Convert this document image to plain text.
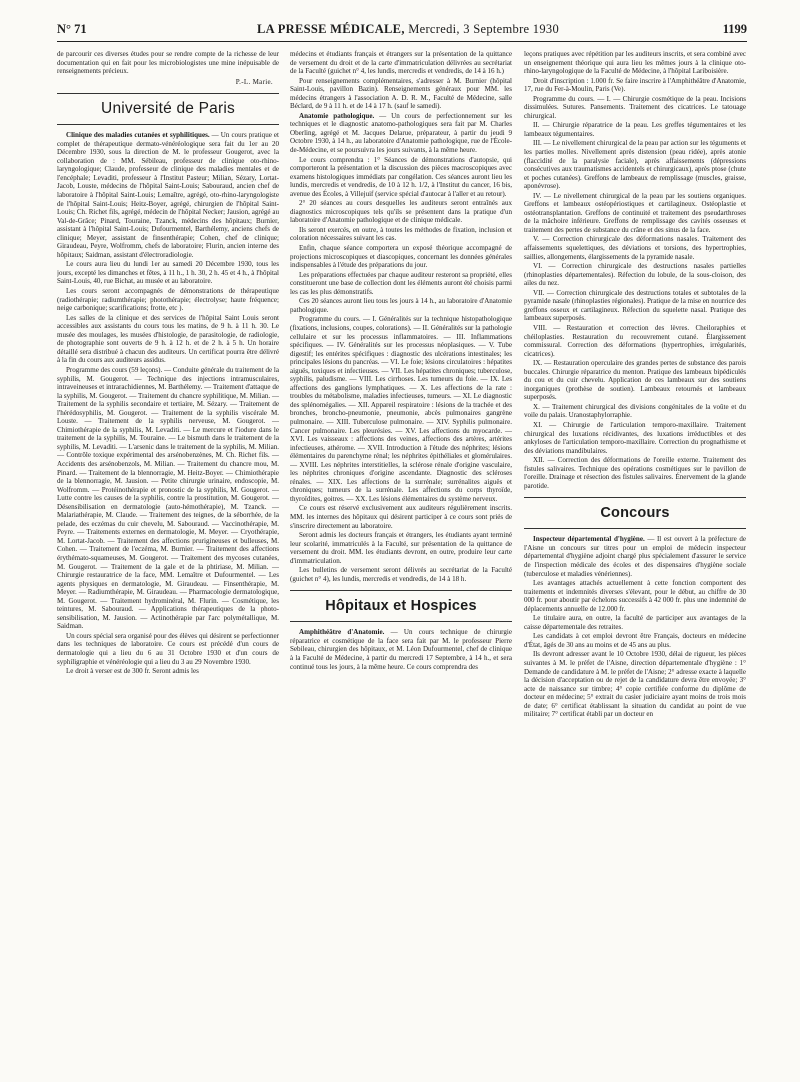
N° 71	LA PRESSE MÉDICALE, Mercredi, 3 Septembre 1930	1199

de parcourir ces diverses études pour se rendre compte de la richesse de leur documentation qui en fait pour les microbiologistes une mine inépuisable de renseignements précieux.

P.-L. Marie.

Université de Paris

Clinique des maladies cutanées et syphilitiques. — Un cours pratique et complet de thérapeutique dermato-vénéréologique sera fait du 1er au 20 Décembre 1930, sous la direction de M. le professeur Gougerot, avec la collaboration de : MM. Sébileau, professeur de clinique oto-rhino-laryngologique; Claude, professeur de clinique des maladies mentales et de l'encéphale; Levaditi, professeur à l'Institut Pasteur; Milian, Sézary, Lortat-Jacob, Louste, médecins de l'hôpital Saint-Louis; Sabouraud, ancien chef de laboratoire à l'hôpital Saint-Louis; Lemaître, agrégé, oto-rhino-laryngologiste de l'hôpital Saint-Louis; Heitz-Boyer, agrégé, chirurgien de l'hôpital Saint-Louis; Ch. Richet fils, agrégé, médecin de l'hôpital Necker; Jausion, agrégé au Val-de-Grâce; Pinard, Touraine, Tzanck, médecins des hôpitaux; Burnier, assistant à l'hôpital Saint-Louis; Dufourmentel, Barthélemy, anciens chefs de clinique; Meyer, assistant de finsenthérapie; Cohen, chef de clinique; Giraudeau, Peyre, Wolfromm, chefs de laboratoire; Flurin, ancien interne des hôpitaux; Saidman, assistant d'électroradiologie.

Le cours aura lieu du lundi 1er au samedi 20 Décembre 1930, tous les jours, excepté les dimanches et fêtes, à 11 h., 1 h. 30, 2 h. 45 et 4 h., à l'hôpital Saint-Louis, 40, rue Bichat, au musée et au laboratoire.

Les cours seront accompagnés de démonstrations de thérapeutique (radiothérapie; radiumthérapie; photothérapie; électrolyse; haute fréquence; neige carbonique; scarifications; frotte, etc ).

Les salles de la clinique et des services de l'hôpital Saint Louis seront accessibles aux assistants du cours tous les matins, de 9 h. à 11 h. 30. Le musée des moulages, les musées d'histologie, de parasitologie, de radiologie, de photographie sont ouverts de 9 h. à 12 h. et de 2 h. à 5 h. Un horaire détaillé sera distribué à chacun des auditeurs. Un certificat pourra être délivré à la fin du cours aux auditeurs assidus.

Programme des cours (59 leçons). — Conduite générale du traitement de la syphilis, M. Gougerot. — Technique des injections intramusculaires, intraveineuses et intrarachidiennes, M. Barthélemy. — Traitement d'attaque de la syphilis, M. Gougerot. — Traitement du chancre syphilitique, M. Milian. — Traitement de la syphilis secondaire et tertiaire, M. Sézary. — Traitement de l'hérédosyphilis, M. Gougerot. — Traitement de la syphilis viscérale M. Louste. — Traitement de la syphilis nerveuse, M. Gougerot. — Chimiothérapie de la syphilis, M. Levaditi. — Le mercure et l'iodure dans le traitement de la syphilis, M. Touraine. — Le bismuth dans le traitement de la syphilis, M. Levaditi. — L'arsenic dans le traitement de la syphilis, M. Milian. — Contrôle toxique expérimental des arsénobenzènes, M. Ch. Richet fils. — Accidents des arsénobenzols, M. Milian. — Traitement du chancre mou, M. Pinard. — Traitement de la blennorragie, M. Heitz-Boyer. — Chimiothérapie de la blennorragie, M. Jausion. — Petite chirurgie urinaire, endoscopie, M. Wolfromm. — Protéinothérapie et pronostic de la syphilis, M. Gougerot. — Lutte contre les causes de la syphilis, contre la prostitution, M. Gougerot. — Désensibilisation en dermatologie (auto-hémothérapie), M. Tzanck. — Malariathérapie, M. Claude. — Traitement des teignes, de la séborrhée, de la pelade, des eczémas du cuir chevelu, M. Sabouraud. — Vaccinothérapie, M. Peyre. — Traitements externes en dermatologie, M. Meyer. — Cryothérapie, M. Lortat-Jacob. — Traitement des affections prurigineuses et bulleuses, M. Cohen. — Traitement de l'eczéma, M. Burnier. — Traitement des affections érythémato-squameuses, M. Gougerot. — Traitement des mycoses cutanées, M. Gougerot. — Traitement de la gale et de la phtiriase, M. Milian. — Chirurgie restauratrice de la face, MM. Lemaître et Dufourmentel. — Les agents physiques en dermatologie, M. Giraudeau. — Finsenthérapie, M. Meyer. — Radiumthérapie, M. Giraudeau. — Pharmacologie dermatologique, M. Gougerot. — Traitement hydrominéral, M. Flurin. — Cosmétique, les teintures, M. Sabouraud. — Applications thérapeutiques de la photo-sensibilisation, M. Jausion. — Actinothérapie par l'arc polymétallique, M. Saidman.

Un cours spécial sera organisé pour des élèves qui désirent se perfectionner dans les techniques de laboratoire. Ce cours est précédé d'un cours de dermatologie qui a lieu du 6 au 31 Octobre 1930 et d'un cours de syphiligraphie et vénéréologie qui a lieu du 3 au 29 Novembre 1930.

Le droit à verser est de 300 fr. Seront admis les

médecins et étudiants français et étrangers sur la présentation de la quittance de versement du droit et de la carte d'immatriculation délivrées au secrétariat de la Faculté (guichet n° 4, les lundis, mercredis et vendredis, de 14 à 16 h.)

Pour renseignements complémentaires, s'adresser à M. Burnier (hôpital Saint-Louis, pavillon Bazin). Renseignements généraux pour MM. les médecins étrangers à l'association A. D. R. M., Faculté de Médecine, salle Béclard, de 9 à 11 h. et de 14 à 17 h. (sauf le samedi).

Anatomie pathologique. — Un cours de perfectionnement sur les techniques et le diagnostic anatomo-pathologiques sera fait par M. Charles Oberling, agrégé et M. Jacques Delarue, préparateur, à partir du jeudi 9 Octobre 1930, à 14 h., au laboratoire d'Anatomie pathologique, rue de l'École-de-Médecine, et se poursuivra les jours suivants, à la même heure.

Le cours comprendra : 1° Séances de démonstrations d'autopsie, qui comporteront la présentation et la discussion des pièces macroscopiques avec examens histologiques immédiats par congélation. Ces séances auront lieu les lundis, mercredis et vendredis, de 10 à 12 h. 1/2, à l'Institut du cancer, 16 bis, avenue des Écoles, à Villejuif (service spécial d'autocar à l'aller et au retour).

2° 20 séances au cours desquelles les auditeurs seront entraînés aux diagnostics microscopiques tels qu'ils se présentent dans la pratique d'un laboratoire d'Anatomie pathologique et de clinique médicale.

Ils seront exercés, en outre, à toutes les méthodes de fixation, inclusion et coloration nécessaires suivant les cas.

Enfin, chaque séance comportera un exposé théorique accompagné de projections microscopiques et diascopiques, concernant les données générales indispensables à l'étude des préparations du jour.

Les préparations effectuées par chaque auditeur resteront sa propriété, elles constitueront une base de collection dont les éléments auront été choisis parmi les cas les plus démonstratifs.

Ces 20 séances auront lieu tous les jours à 14 h., au laboratoire d'Anatomie pathologique.

Programme du cours. — I. Généralités sur la technique histopathologique (fixations, inclusions, coupes, colorations). — II. Généralités sur la pathologie cellulaire et sur les processus inflammatoires. — III. Inflammations spécifiques. — IV. Généralités sur les processus néoplasiques. — V. Tube digestif; les entérites spécifiques : diagnostic des ulcérations intestinales; les principales lésions du pancréas. — VI. Le foie; lésions circulatoires : hépatites aiguës, toxiques et infectieuses. — VII. Les hépatites chroniques; tuberculose, syphilis, paludisme. — VIII. Les cirrhoses. Les tumeurs du foie. — IX. Les affections des ganglions lymphatiques. — X. Les affections de la rate : troubles du métabolisme, maladies infectieuses, tumeurs. — XI. Le diagnostic des splénomégalies. — XII. Appareil respiratoire : lésions de la trachée et des bronches, broncho-pneumonie, pneumonie, abcès pulmonaires gangrène pulmonaire. — XIII. Tuberculose pulmonaire. — XIV. Syphilis pulmonaire. Cancer pulmonaire. Les pleurésies. — XV. Les affections du myocarde. — XVI. Les vaisseaux : affections des veines, affections des artères, artérites infectieuses, athérome. — XVII. Introduction à l'étude des néphrites; lésions élémentaires du parenchyme rénal; les néphrites épithéliales et glomérulaires. — XVIII. Les néphrites interstitielles, la sclérose rénale d'origine vasculaire, les néphrites chroniques d'origine ascendante. Diagnostic des scléroses rénales. — XIX. Les affections de la surrénale; surrénalites aiguës et chroniques; tumeurs de la surrénale. Les affections du corps thyroïde, thyroïdites, goitres. — XX. Les lésions élémentaires du système nerveux.

Ce cours est réservé exclusivement aux auditeurs régulièrement inscrits. MM. les internes des hôpitaux qui désirent participer à ce cours sont priés de s'inscrire directement au laboratoire.

Seront admis les docteurs français et étrangers, les étudiants ayant terminé leur scolarité, immatriculés à la Faculté, sur présentation de la quittance de versement du droit. MM. les étudiants devront, en outre, produire leur carte d'immatriculation.

Les bulletins de versement seront délivrés au secrétariat de la Faculté (guichet n° 4), les lundis, mercredis et vendredis, de 14 à 18 h.

Hôpitaux et Hospices

Amphithéâtre d'Anatomie. — Un cours technique de chirurgie réparatrice et cosmétique de la face sera fait par M. le professeur Pierre Sebileau, chirurgien des hôpitaux, et M. Léon Dufourmentel, chef de clinique à la Faculté de Médecine, à partir du mercredi 17 Septembre, à 14 h., et sera continué tous les jours, à la même heure. Ce cours comprendra des

leçons pratiques avec répétition par les auditeurs inscrits, et sera combiné avec un enseignement théorique qui aura lieu les mêmes jours à la clinique oto-rhino-laryngologique de la Faculté de Médecine, à l'hôpital Lariboisière.

Droit d'inscription : 1.000 fr. Se faire inscrire à l'Amphithéâtre d'Anatomie, 17, rue du Fer-à-Moulin, Paris (Ve).

Programme du cours. — I. — Chirurgie cosmétique de la peau. Incisions dissimulées. Sutures. Pansements. Traitement des cicatrices. Le tatouage chirurgical.

II. — Chirurgie réparatrice de la peau. Les greffes tégumentaires et les lambeaux tégumentaires.

III. — Le nivellement chirurgical de la peau par action sur les téguments et les parties molles. Nivellement après distension (peau ridée), après atonie (flaccidité de la paralysie faciale), après affaissements (dépressions consécutives aux traumatismes accidentels et chirurgicaux), après ptose (chute et poches cutanées). Greffons de lambeaux de remplissage (muscles, graisse, aponévrose).

IV. — Le nivellement chirurgical de la peau par les soutiens organiques. Greffons et lambeaux ostéopériostiques et cartilagineux. Ostéoplastie et ostéotransplantation. Greffons de continuité et traitement des pseudarthroses de la mâchoire inférieure. Greffons de remplissage des cavités osseuses et traitement des pertes de substance du crâne et des sinus de la face.

V. — Correction chirurgicale des déformations nasales. Traitement des affaissements squelettiques, des déviations et torsions, des hypertrophies, saillies, allongements, élargissements de la pyramide nasale.

VI. — Correction chirurgicale des destructions nasales partielles (rhinoplasties départementales). Réfection du lobule, de la sous-cloison, des ailes du nez.

VII. — Correction chirurgicale des destructions totales et subtotales de la pyramide nasale (rhinoplasties régionales). Pratique de la mise en nourrice des greffons osseux et cartilagineux. Réfection du squelette nasal. Pratique des lambeaux superposés.

VIII. — Restauration et correction des lèvres. Cheiloraphies et chéiloplasties. Restauration du recouvrement cutané. Élargissement commissural. Correction des déformations (hypertrophies, irrégularités, cicatrices).

IX. — Restauration operculaire des grandes pertes de substance des parois buccales. Chirurgie réparatrice du menton. Pratique des lambeaux bipédiculés du cou et du cuir chevelu. Application de ces lambeaux sur des soutiens inorganiques (prothèse de soutien). Lambeaux retournés et lambeaux superposés.

X. — Traitement chirurgical des divisions congénitales de la voûte et du voile du palais. Uranostaphylorraphie.

XI. — Chirurgie de l'articulation temporo-maxillaire. Traitement chirurgical des luxations récidivantes, des luxations irréductibles et des ankyloses de l'articulation temporo-maxillaire. Correction du prognathisme et des déviations mandibulaires.

XII. — Correction des déformations de l'oreille externe. Traitement des fistules salivaires. Technique des opérations cosmétiques sur le pavillon de l'oreille. Drainage et résection des fistules salivaires. Énervement de la glande parotide.

Concours

Inspecteur départemental d'hygiène. — Il est ouvert à la préfecture de l'Aisne un concours sur titres pour un emploi de médecin inspecteur départemental d'hygiène adjoint chargé plus spécialement d'assurer le service de l'inspection médicale des écoles et des dispensaires d'hygiène sociale (tuberculose et maladies vénériennes).

Les avantages attachés actuellement à cette fonction comportent des traitements et indemnités diverses s'élevant, pour le début, au chiffre de 30 000 fr. pour aboutir par échelons successifs à 42 000 fr. plus une indemnité de déplacements annuelle de 12.000 fr.

Le titulaire aura, en outre, la faculté de participer aux avantages de la caisse départementale des retraites.

Les candidats à cet emploi devront être Français, docteurs en médecine d'État, âgés de 30 ans au moins et de 45 ans au plus.

Ils devront adresser avant le 10 Octobre 1930, délai de rigueur, les pièces suivantes à M. le préfet de l'Aisne, direction départementale d'hygiène : 1° Demande de candidature à M. le préfet de l'Aisne; 2° adresse exacte à laquelle la décision d'acceptation ou de rejet de la candidature devra être envoyée; 3° acte de naissance sur timbre; 4° copie certifiée conforme du diplôme de docteur en médecine; 5° extrait du casier judiciaire ayant moins de trois mois de date; 6° certificat établissant la situation du candidat au point de vue militaire; 7° certificat établi par un docteur en
